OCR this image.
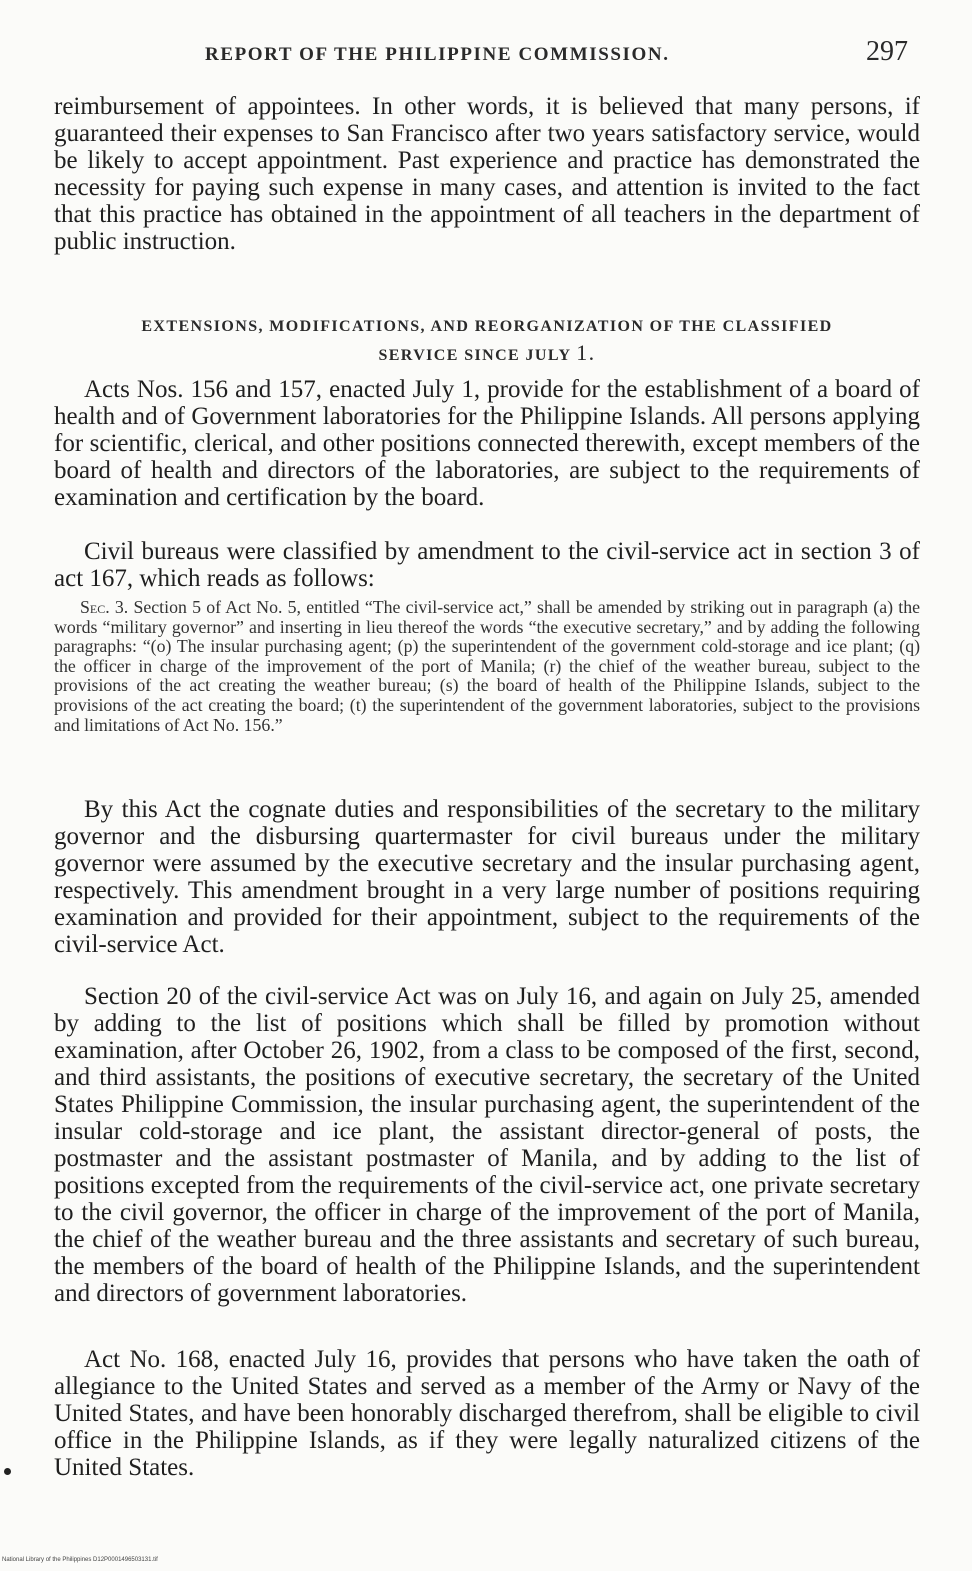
REPORT OF THE PHILIPPINE COMMISSION.	297

reimbursement of appointees. In other words, it is believed that many persons, if guaranteed their expenses to San Francisco after two years satisfactory service, would be likely to accept appointment. Past experience and practice has demonstrated the necessity for paying such expense in many cases, and attention is invited to the fact that this practice has obtained in the appointment of all teachers in the department of public instruction.

EXTENSIONS, MODIFICATIONS, AND REORGANIZATION OF THE CLASSIFIED
SERVICE SINCE JULY 1.

Acts Nos. 156 and 157, enacted July 1, provide for the establishment of a board of health and of Government laboratories for the Philippine Islands. All persons applying for scientific, clerical, and other positions connected therewith, except members of the board of health and directors of the laboratories, are subject to the requirements of examination and certification by the board.

Civil bureaus were classified by amendment to the civil-service act in section 3 of act 167, which reads as follows:

Sec. 3. Section 5 of Act No. 5, entitled “The civil-service act,” shall be amended by striking out in paragraph (a) the words “military governor” and inserting in lieu thereof the words “the executive secretary,” and by adding the following paragraphs: “(o) The insular purchasing agent; (p) the superintendent of the government cold-storage and ice plant; (q) the officer in charge of the improvement of the port of Manila; (r) the chief of the weather bureau, subject to the provisions of the act creating the weather bureau; (s) the board of health of the Philippine Islands, subject to the provisions of the act creating the board; (t) the superintendent of the government laboratories, subject to the provisions and limitations of Act No. 156.”

By this Act the cognate duties and responsibilities of the secretary to the military governor and the disbursing quartermaster for civil bureaus under the military governor were assumed by the executive secretary and the insular purchasing agent, respectively. This amendment brought in a very large number of positions requiring examination and provided for their appointment, subject to the requirements of the civil-service Act.

Section 20 of the civil-service Act was on July 16, and again on July 25, amended by adding to the list of positions which shall be filled by promotion without examination, after October 26, 1902, from a class to be composed of the first, second, and third assistants, the positions of executive secretary, the secretary of the United States Philippine Commission, the insular purchasing agent, the superintendent of the insular cold-storage and ice plant, the assistant director-general of posts, the postmaster and the assistant postmaster of Manila, and by adding to the list of positions excepted from the requirements of the civil-service act, one private secretary to the civil governor, the officer in charge of the improvement of the port of Manila, the chief of the weather bureau and the three assistants and secretary of such bureau, the members of the board of health of the Philippine Islands, and the superintendent and directors of government laboratories.

Act No. 168, enacted July 16, provides that persons who have taken the oath of allegiance to the United States and served as a member of the Army or Navy of the United States, and have been honorably discharged therefrom, shall be eligible to civil office in the Philippine Islands, as if they were legally naturalized citizens of the United States.

National Library of the Philippines D12P0001496503131.tif
